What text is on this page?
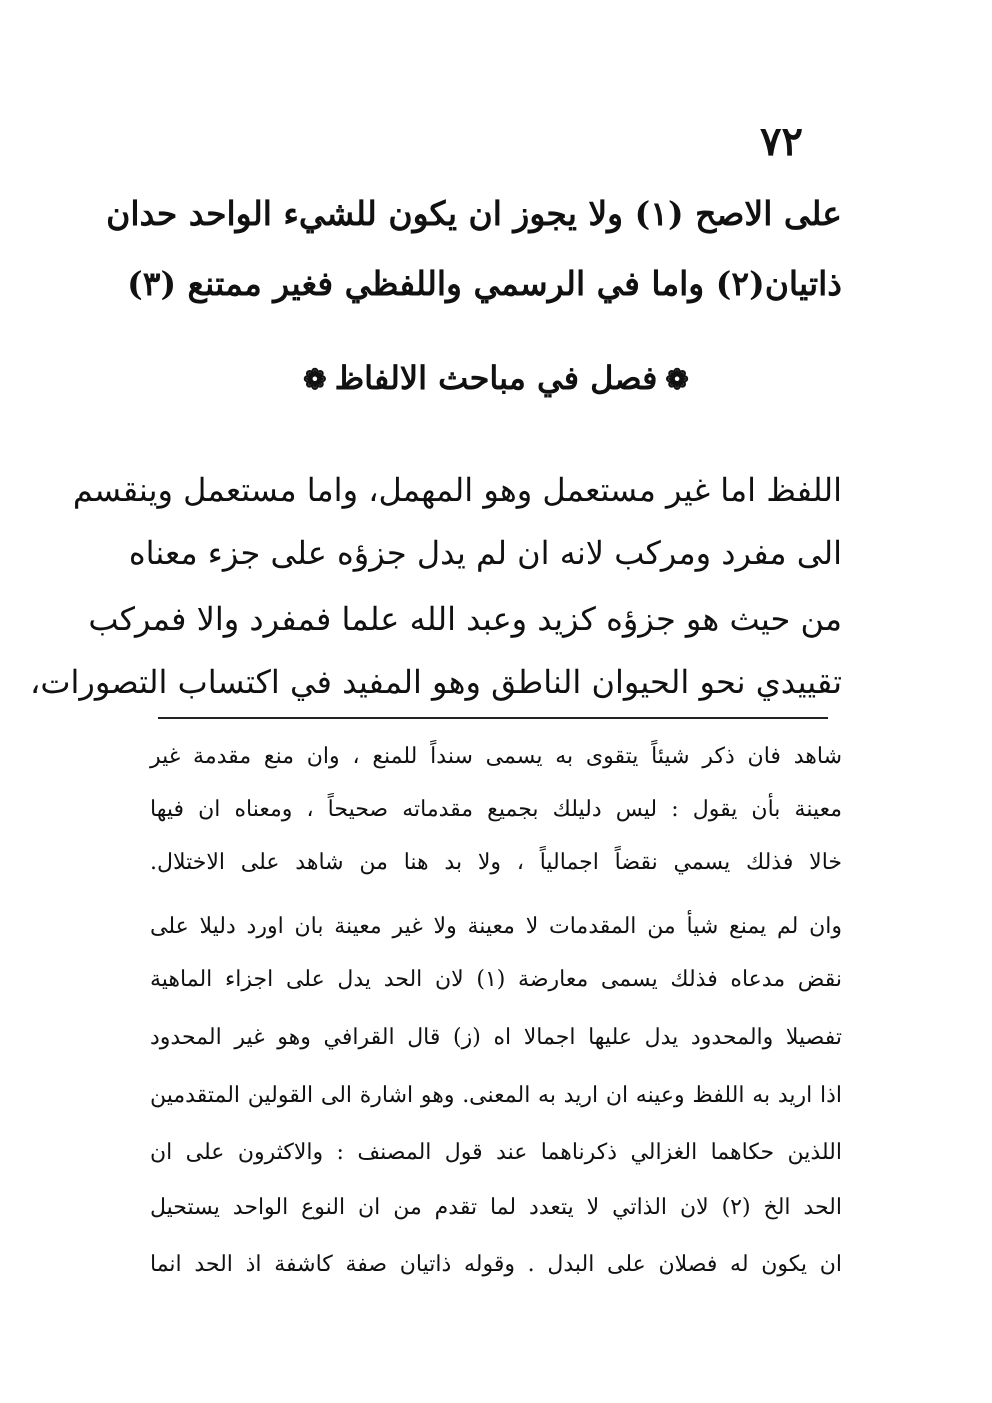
٧٢
على الاصح (١) ولا يجوز ان يكون للشيء الواحد حدان
ذاتيان(٢) واما في الرسمي واللفظي فغير ممتنع (٣)
❁فصل في مباحث الالفاظ❁
اللفظ اما غير مستعمل وهو المهمل، واما مستعمل وينقسم
الى مفرد ومركب لانه ان لم يدل جزؤه على جزء معناه
من حيث هو جزؤه كزيد وعبد الله علما فمفرد والا فمركب
تقييدي نحو الحيوان الناطق وهو المفيد في اكتساب التصورات،
شاهد فان ذكر شيئاً يتقوى به يسمى سنداً للمنع ، وان منع مقدمة غير
معينة بأن يقول : ليس دليلك بجميع مقدماته صحيحاً ، ومعناه ان فيها
خالا فذلك يسمي نقضاً اجمالياً ، ولا بد هنا من شاهد على الاختلال.
وان لم يمنع شيأ من المقدمات لا معينة ولا غير معينة بان اورد دليلا على
نقض مدعاه فذلك يسمى معارضة (١) لان الحد يدل على اجزاء الماهية
تفصيلا والمحدود يدل عليها اجمالا اه (ز) قال القرافي وهو غير المحدود
اذا اريد به اللفظ وعينه ان اريد به المعنى. وهو اشارة الى القولين المتقدمين
اللذين حكاهما الغزالي ذكرناهما عند قول المصنف : والاكثرون على ان
الحد الخ (٢) لان الذاتي لا يتعدد لما تقدم من ان النوع الواحد يستحيل
ان يكون له فصلان على البدل . وقوله ذاتيان صفة كاشفة اذ الحد انما
